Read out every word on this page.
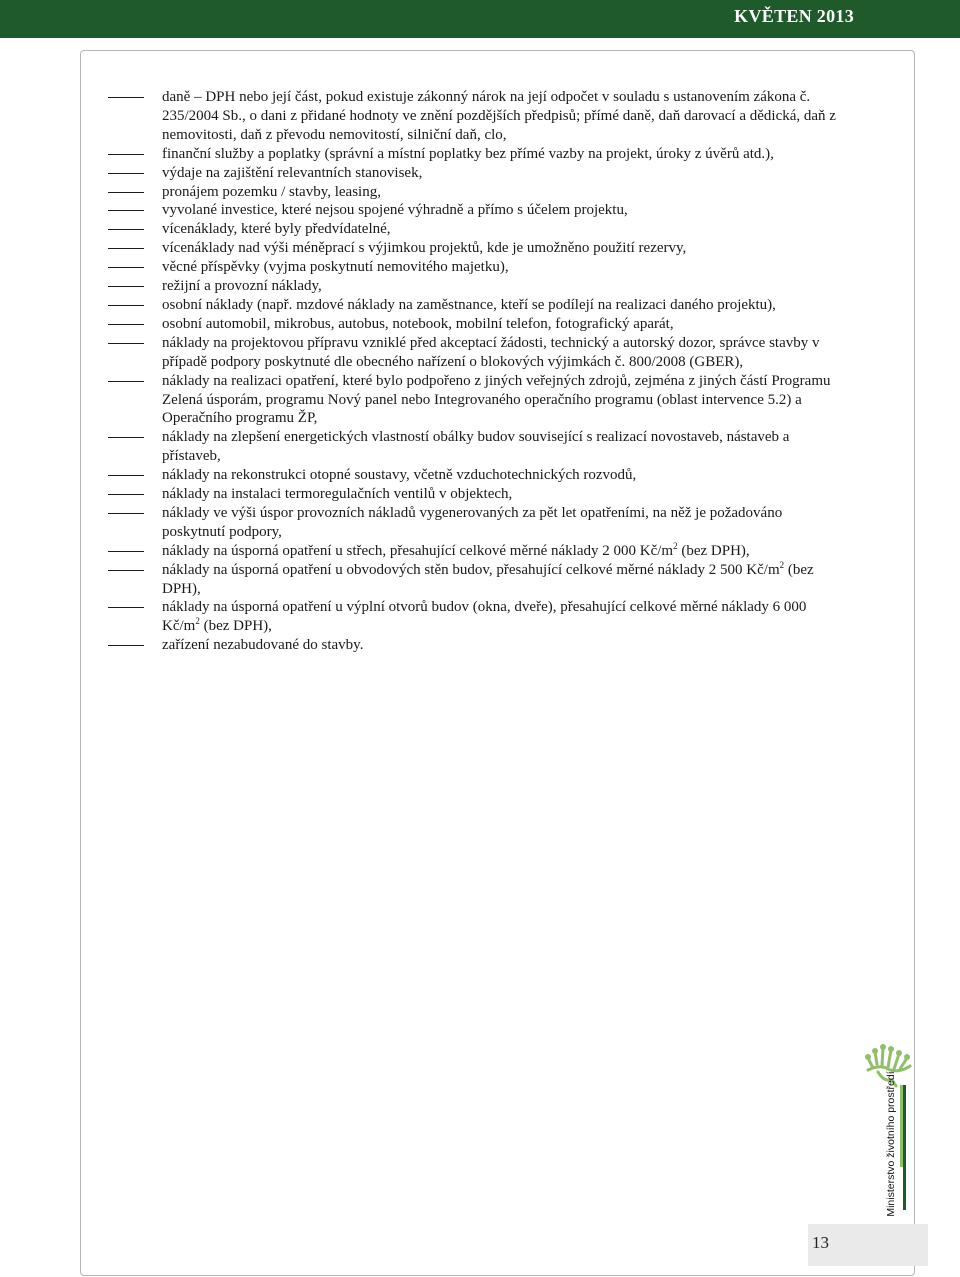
KVĚTEN 2013
daně – DPH nebo její část, pokud existuje zákonný nárok na její odpočet v souladu s ustanovením zákona č. 235/2004 Sb., o dani z přidané hodnoty ve znění pozdějších předpisů; přímé daně, daň darovací a dědická, daň z nemovitosti, daň z převodu nemovitostí, silniční daň, clo,
finanční služby a poplatky (správní a místní poplatky bez přímé vazby na projekt, úroky z úvěrů atd.),
výdaje na zajištění relevantních stanovisek,
pronájem pozemku / stavby, leasing,
vyvolané investice, které nejsou spojené výhradně a přímo s účelem projektu,
vícenáklady, které byly předvídatelné,
vícenáklady nad výši méněprací s výjimkou projektů, kde je umožněno použití rezervy,
věcné příspěvky (vyjma poskytnutí nemovitého majetku),
režijní a provozní náklady,
osobní náklady (např. mzdové náklady na zaměstnance, kteří se podílejí na realizaci daného projektu),
osobní automobil, mikrobus, autobus, notebook, mobilní telefon, fotografický aparát,
náklady na projektovou přípravu vzniklé před akceptací žádosti, technický a autorský dozor, správce stavby v případě podpory poskytnuté dle obecného nařízení o blokových výjimkách č. 800/2008 (GBER),
náklady na realizaci opatření, které bylo podpořeno z jiných veřejných zdrojů, zejména z jiných částí Programu Zelená úsporám, programu Nový panel nebo Integrovaného operačního programu (oblast intervence 5.2) a Operačního programu ŽP,
náklady na zlepšení energetických vlastností obálky budov související s realizací novostaveb, nástaveb a přístaveb,
náklady na rekonstrukci otopné soustavy, včetně vzduchotechnických rozvodů,
náklady na instalaci termoregulačních ventilů v objektech,
náklady ve výši úspor provozních nákladů vygenerovaných za pět let opatřeními, na něž je požadováno poskytnutí podpory,
náklady na úsporná opatření u střech, přesahující celkové měrné náklady 2 000 $Kč/m^2$ (bez DPH),
náklady na úsporná opatření u obvodových stěn budov, přesahující celkové měrné náklady 2 500 $Kč/m^2$ (bez DPH),
náklady na úsporná opatření u výplní otvorů budov (okna, dveře), přesahující celkové měrné náklady 6 000 $Kč/m^2$ (bez DPH),
zařízení nezabudované do stavby.
Ministerstvo životního prostředí
13
